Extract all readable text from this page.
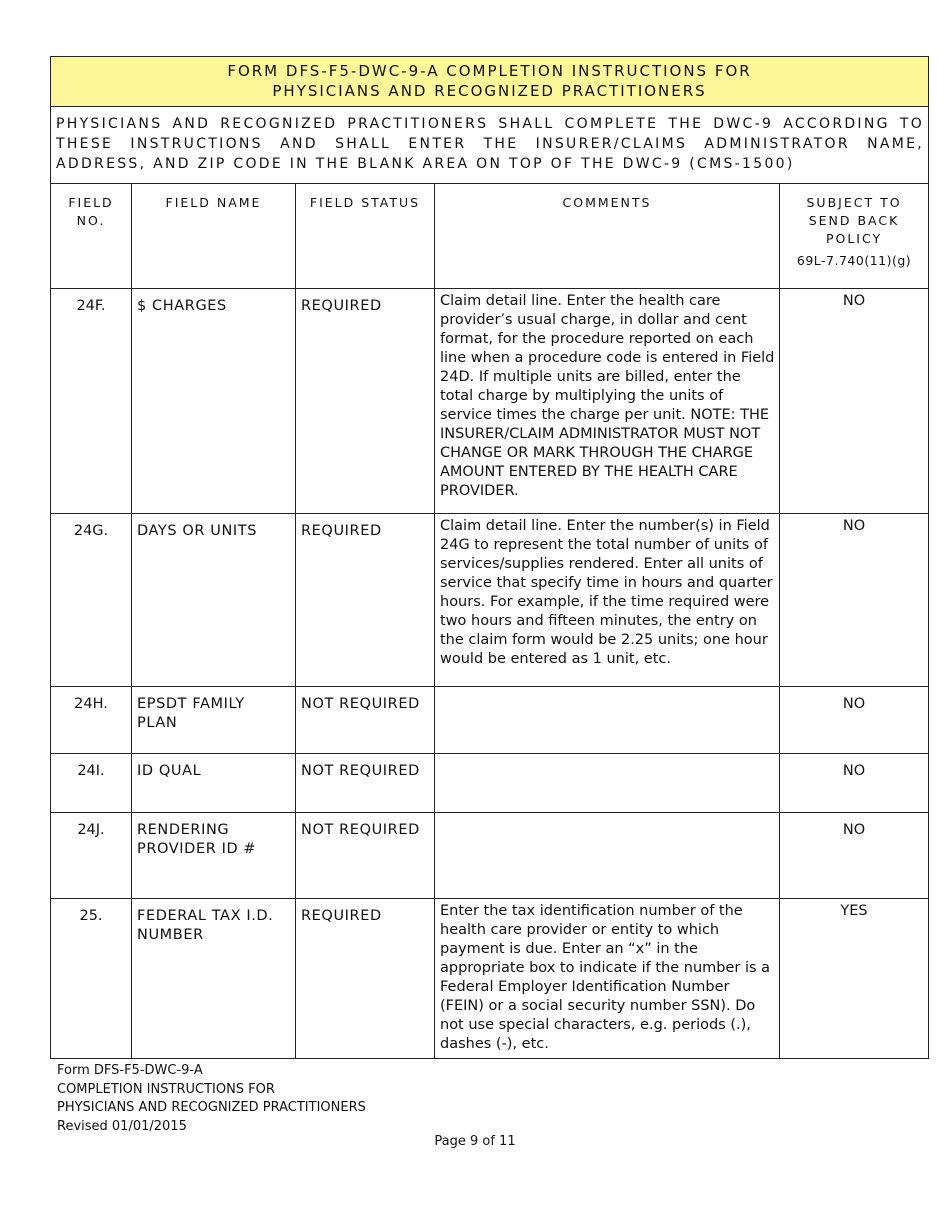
FORM DFS-F5-DWC-9-A COMPLETION INSTRUCTIONS FOR
PHYSICIANS AND RECOGNIZED PRACTITIONERS				

PHYSICIANS AND RECOGNIZED PRACTITIONERS SHALL COMPLETE THE DWC-9 ACCORDING TO THESE INSTRUCTIONS AND SHALL ENTER THE INSURER/CLAIMS ADMINISTRATOR NAME, ADDRESS, AND ZIP CODE IN THE BLANK AREA ON TOP OF THE DWC-9 (CMS-1500)				
FIELD NO.	FIELD NAME	FIELD STATUS	COMMENTS	SUBJECT TO SEND BACK POLICY
69L-7.740(11)(g)

24F.	$ CHARGES	REQUIRED	Claim detail line. Enter the health care provider’s usual charge, in dollar and cent format, for the procedure reported on each line when a procedure code is entered in Field 24D. If multiple units are billed, enter the total charge by multiplying the units of service times the charge per unit. NOTE: THE INSURER/CLAIM ADMINISTRATOR MUST NOT CHANGE OR MARK THROUGH THE CHARGE AMOUNT ENTERED BY THE HEALTH CARE PROVIDER.	NO
24G.	DAYS OR UNITS	REQUIRED	Claim detail line. Enter the number(s) in Field 24G to represent the total number of units of services/supplies rendered. Enter all units of service that specify time in hours and quarter hours. For example, if the time required were two hours and fifteen minutes, the entry on the claim form would be 2.25 units; one hour would be entered as 1 unit, etc.	NO
24H.	EPSDT FAMILY PLAN	NOT REQUIRED		NO
24I.	ID QUAL	NOT REQUIRED		NO
24J.	RENDERING PROVIDER ID #	NOT REQUIRED		NO
25.	FEDERAL TAX I.D. NUMBER	REQUIRED	Enter the tax identification number of the health care provider or entity to which payment is due. Enter an “x” in the appropriate box to indicate if the number is a Federal Employer Identification Number (FEIN) or a social security number SSN). Do not use special characters, e.g. periods (.), dashes (-), etc.	YES
Form DFS-F5-DWC-9-A
COMPLETION INSTRUCTIONS FOR
PHYSICIANS AND RECOGNIZED PRACTITIONERS
Revised 01/01/2015
Page 9 of 11
